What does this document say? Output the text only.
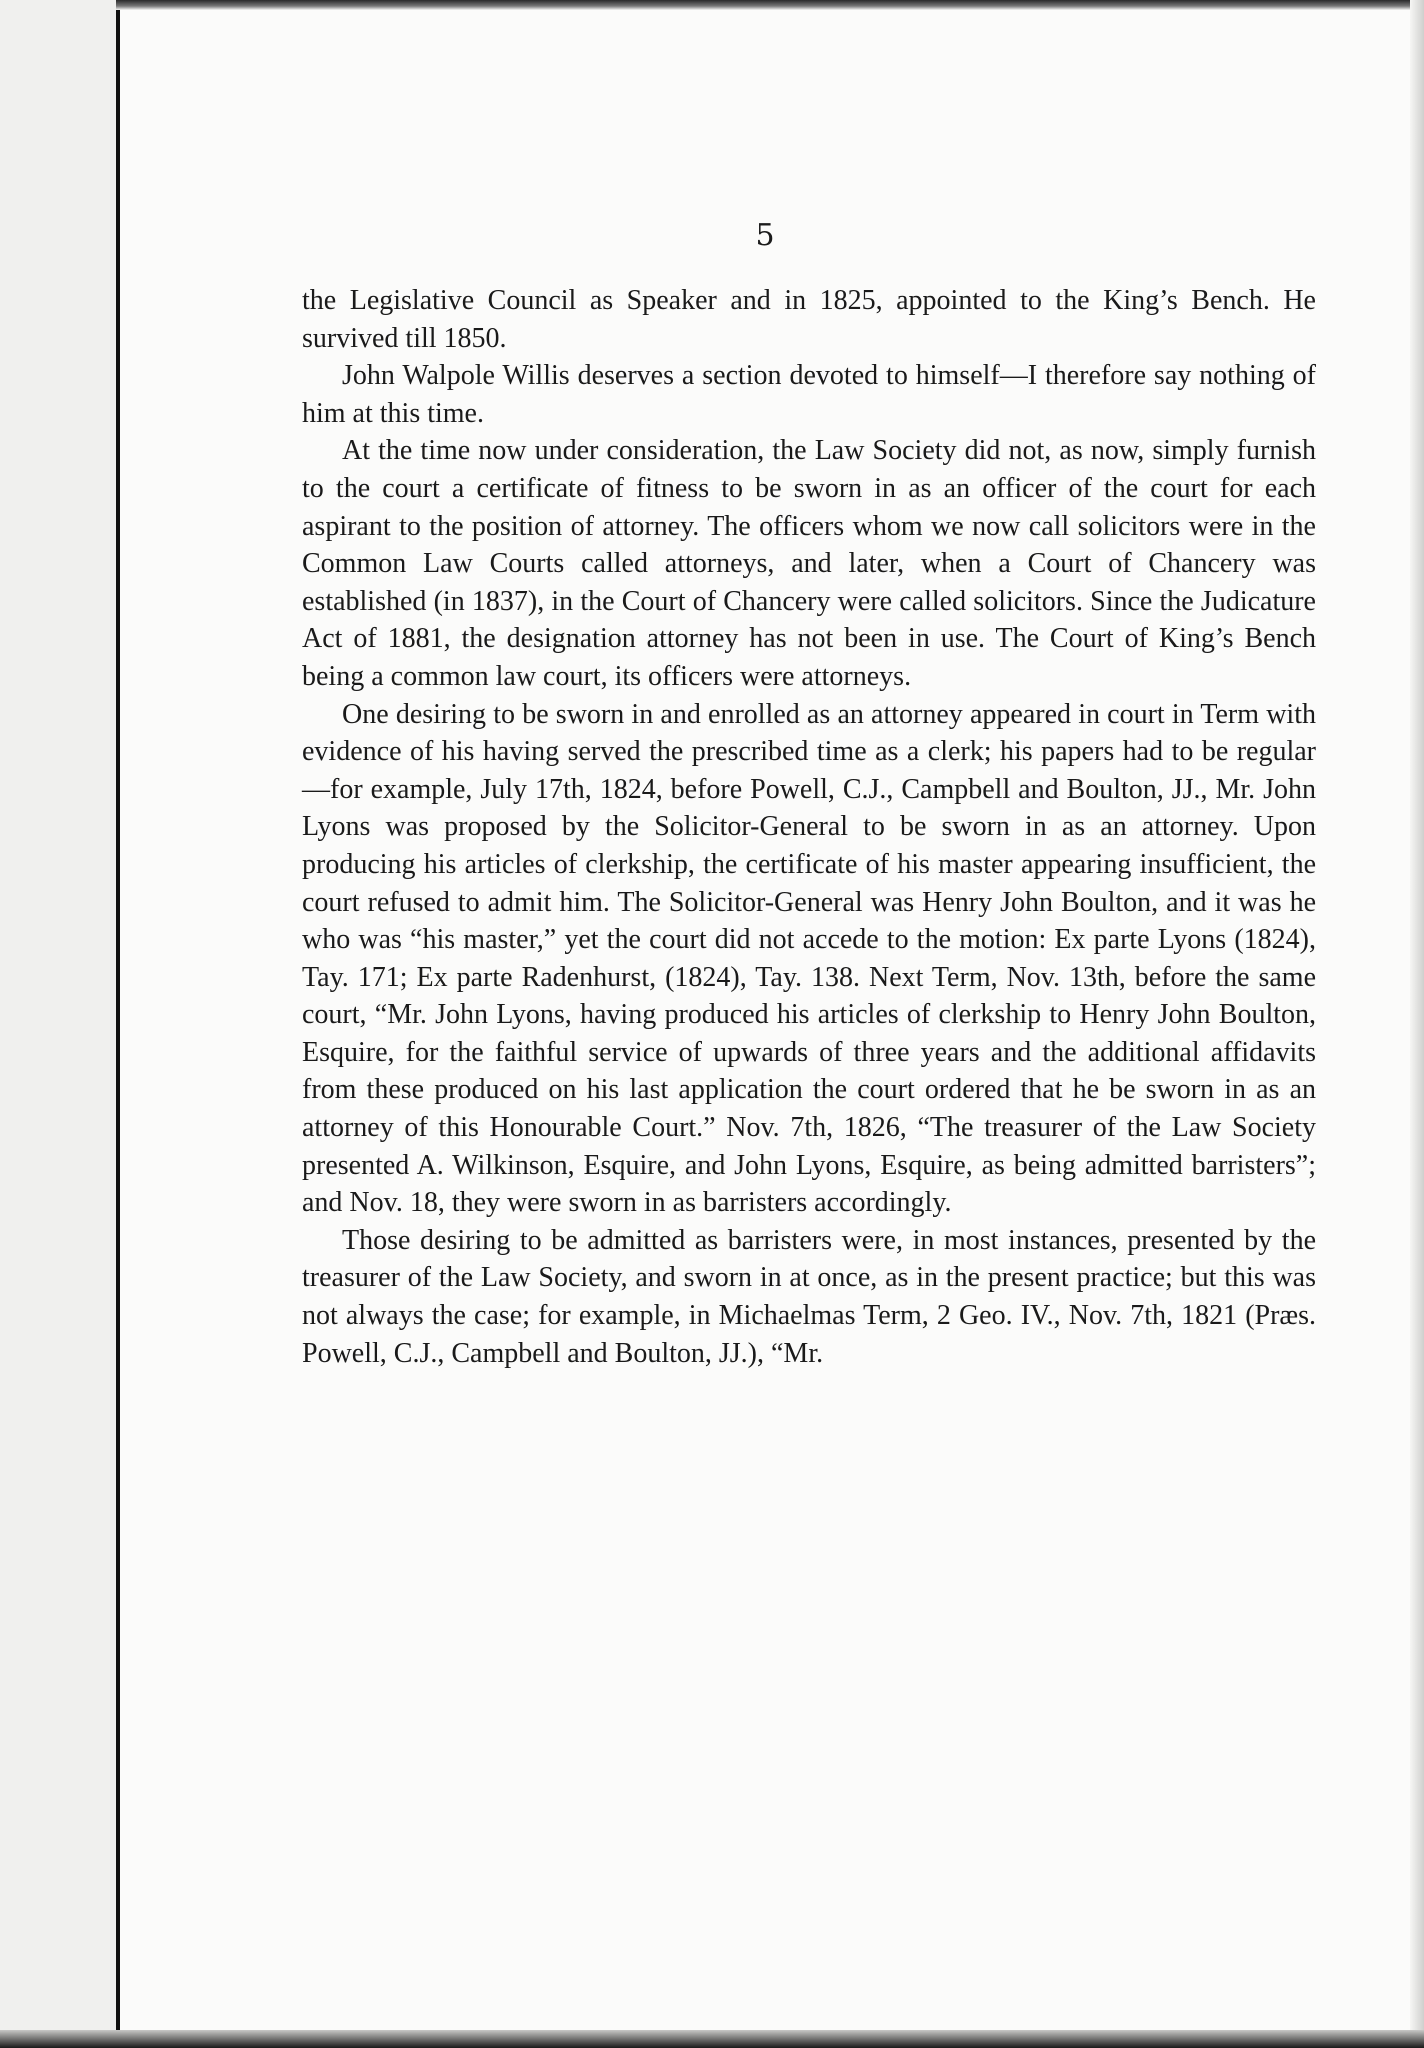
5

the Legislative Council as Speaker and in 1825, appointed to the King’s Bench. He survived till 1850.

John Walpole Willis deserves a section devoted to himself—I therefore say nothing of him at this time.

At the time now under consideration, the Law Society did not, as now, simply furnish to the court a certificate of fitness to be sworn in as an officer of the court for each aspirant to the position of attorney. The officers whom we now call solicitors were in the Common Law Courts called attorneys, and later, when a Court of Chancery was established (in 1837), in the Court of Chancery were called solicitors. Since the Judicature Act of 1881, the designation attorney has not been in use. The Court of King’s Bench being a common law court, its officers were attorneys.

One desiring to be sworn in and enrolled as an attorney appeared in court in Term with evidence of his having served the prescribed time as a clerk; his papers had to be regular—for example, July 17th, 1824, before Powell, C.J., Campbell and Boulton, JJ., Mr. John Lyons was proposed by the Solicitor-General to be sworn in as an attorney. Upon producing his articles of clerkship, the certificate of his master appearing insufficient, the court refused to admit him. The Solicitor-General was Henry John Boulton, and it was he who was “his master,” yet the court did not accede to the motion: Ex parte Lyons (1824), Tay. 171; Ex parte Radenhurst, (1824), Tay. 138. Next Term, Nov. 13th, before the same court, “Mr. John Lyons, having produced his articles of clerkship to Henry John Boulton, Esquire, for the faithful service of upwards of three years and the additional affidavits from these produced on his last application the court ordered that he be sworn in as an attorney of this Honourable Court.” Nov. 7th, 1826, “The treasurer of the Law Society presented A. Wilkinson, Esquire, and John Lyons, Esquire, as being admitted barristers”; and Nov. 18, they were sworn in as barristers accordingly.

Those desiring to be admitted as barristers were, in most instances, presented by the treasurer of the Law Society, and sworn in at once, as in the present practice; but this was not always the case; for example, in Michaelmas Term, 2 Geo. IV., Nov. 7th, 1821 (Præs. Powell, C.J., Campbell and Boulton, JJ.), “Mr.
